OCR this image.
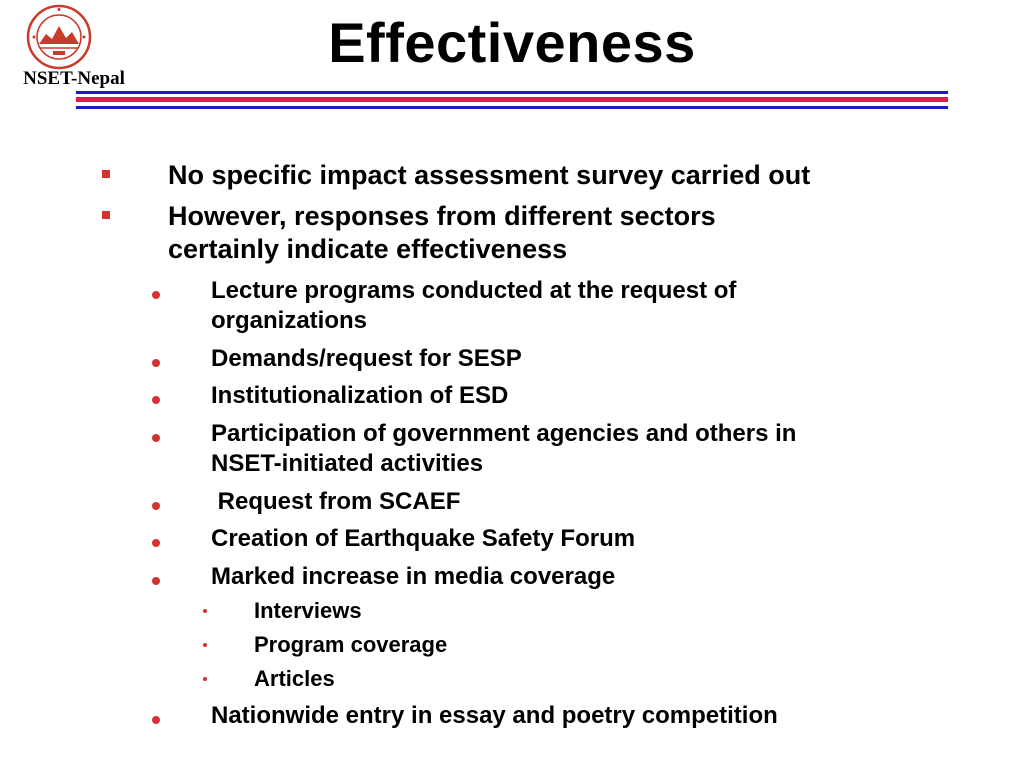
NSET-Nepal
Effectiveness
No specific impact assessment survey carried out
However, responses from different sectors
certainly indicate effectiveness
Lecture programs conducted at the request of
organizations
Demands/request for SESP
Institutionalization of ESD
Participation of government agencies and others in
NSET-initiated activities
Request from SCAEF
Creation of Earthquake Safety Forum
Marked increase in media coverage
Interviews
Program coverage
Articles
Nationwide entry in essay and poetry competition
